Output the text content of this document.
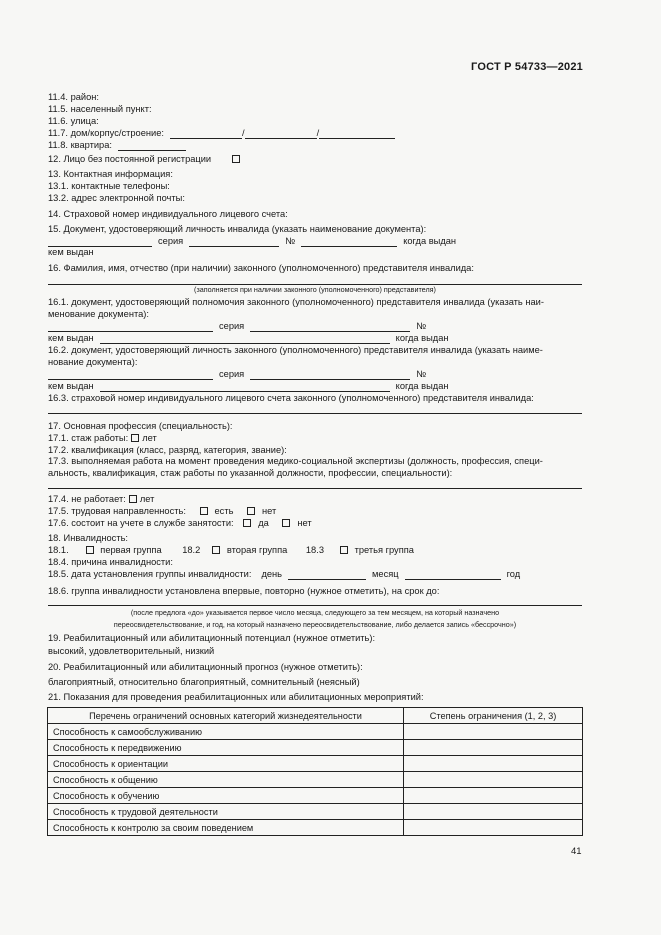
ГОСТ Р 54733—2021
11.4. район:
11.5. населенный пункт:
11.6. улица:
11.7. дом/корпус/строение:	/	/
11.8. квартира:
12. Лицо без постоянной регистрации
13. Контактная информация:
13.1. контактные телефоны:
13.2. адрес электронной почты:
14. Страховой номер индивидуального лицевого счета:
15. Документ, удостоверяющий личность инвалида (указать наименование документа):
серия	№	когда выдан
кем выдан
16. Фамилия, имя, отчество (при наличии) законного (уполномоченного) представителя инвалида:
(заполняется при наличии законного (уполномоченного) представителя)
16.1. документ, удостоверяющий полномочия законного (уполномоченного) представителя инвалида (указать наи-
менование документа):
серия	№
кем выдан	когда выдан
16.2. документ, удостоверяющий личность законного (уполномоченного) представителя инвалида (указать наиме-
нование документа):
серия	№
кем выдан	когда выдан
16.3. страховой номер индивидуального лицевого счета законного (уполномоченного) представителя инвалида:
17. Основная профессия (специальность):
17.1. стаж работы: лет
17.2. квалификация (класс, разряд, категория, звание):
17.3. выполняемая работа на момент проведения медико-социальной экспертизы (должность, профессия, специ-
альность, квалификация, стаж работы по указанной должности, профессии, специальности):
17.4. не работает: лет
17.5. трудовая направленность:	есть	нет
17.6. состоит на учете в службе занятости:	да	нет
18. Инвалидность:
18.1.	первая группа 18.2	вторая группа 18.3	третья группа
18.4. причина инвалидности:
18.5. дата установления группы инвалидности: день	месяц	год
18.6. группа инвалидности установлена впервые, повторно (нужное отметить), на срок до:
(после предлога «до» указывается первое число месяца, следующего за тем месяцем, на который назначено
переосвидетельствование, и год, на который назначено переосвидетельствование, либо делается запись «бессрочно»)
19. Реабилитационный или абилитационный потенциал (нужное отметить):
высокий, удовлетворительный, низкий
20. Реабилитационный или абилитационный прогноз (нужное отметить):
благоприятный, относительно благоприятный, сомнительный (неясный)
21. Показания для проведения реабилитационных или абилитационных мероприятий:
Перечень ограничений основных категорий жизнедеятельности	Степень ограничения (1, 2, 3)
Способность к самообслуживанию	
Способность к передвижению	
Способность к ориентации	
Способность к общению	
Способность к обучению	
Способность к трудовой деятельности	
Способность к контролю за своим поведением	
41
